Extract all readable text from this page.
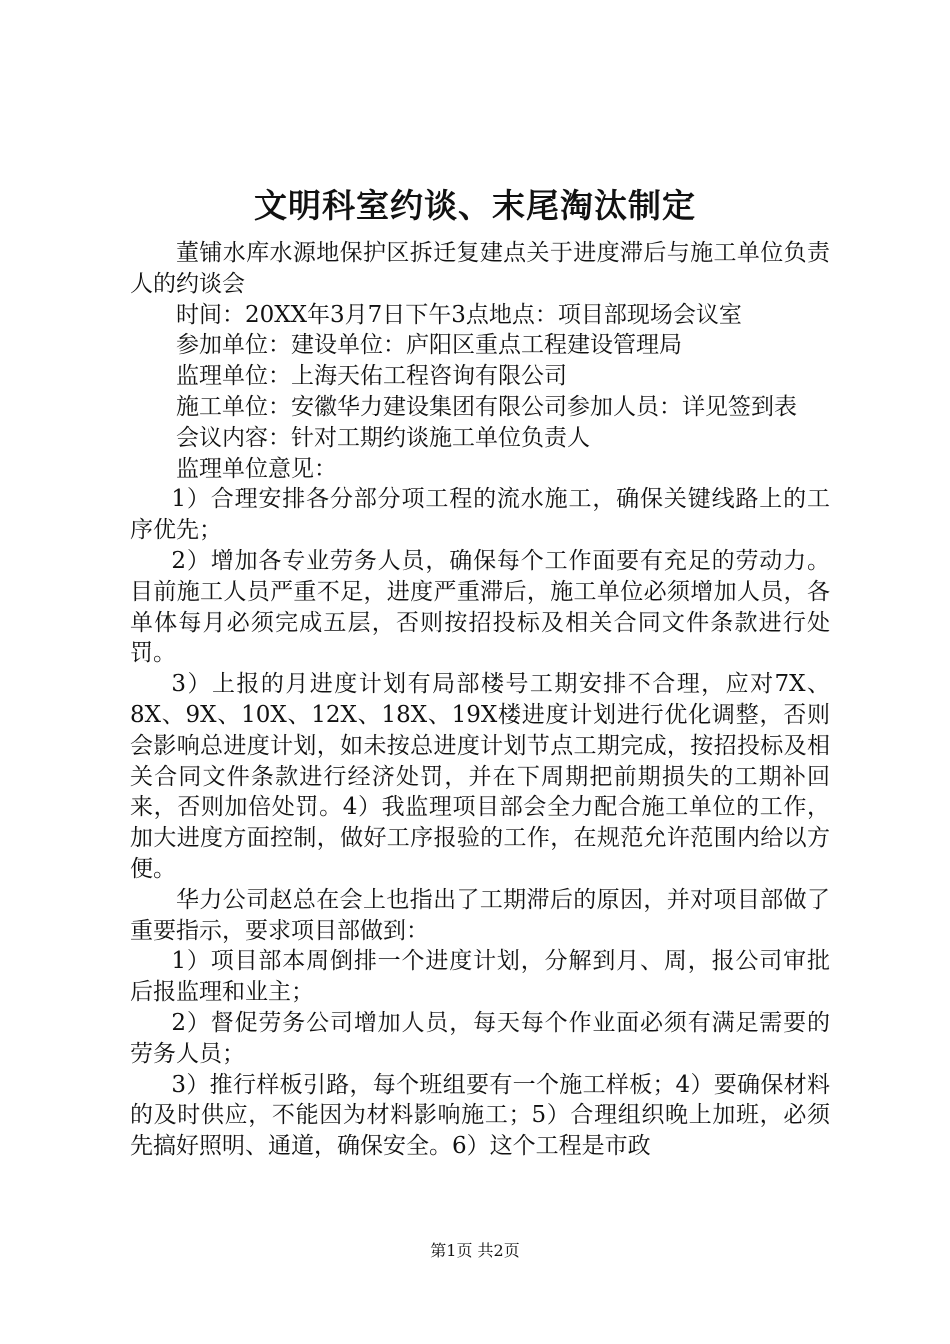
文明科室约谈、末尾淘汰制定

董铺水库水源地保护区拆迁复建点关于进度滞后与施工单位负责人的约谈会

时间：20XX年3月7日下午3点地点：项目部现场会议室

参加单位：建设单位：庐阳区重点工程建设管理局

监理单位：上海天佑工程咨询有限公司

施工单位：安徽华力建设集团有限公司参加人员：详见签到表

会议内容：针对工期约谈施工单位负责人

监理单位意见：

1）合理安排各分部分项工程的流水施工，确保关键线路上的工序优先；

2）增加各专业劳务人员，确保每个工作面要有充足的劳动力。目前施工人员严重不足，进度严重滞后，施工单位必须增加人员，各单体每月必须完成五层，否则按招投标及相关合同文件条款进行处罚。

3）上报的月进度计划有局部楼号工期安排不合理，应对7X、8X、9X、10X、12X、18X、19X楼进度计划进行优化调整，否则会影响总进度计划，如未按总进度计划节点工期完成，按招投标及相关合同文件条款进行经济处罚，并在下周期把前期损失的工期补回来，否则加倍处罚。4）我监理项目部会全力配合施工单位的工作，加大进度方面控制，做好工序报验的工作，在规范允许范围内给以方便。

华力公司赵总在会上也指出了工期滞后的原因，并对项目部做了重要指示，要求项目部做到：

1）项目部本周倒排一个进度计划，分解到月、周，报公司审批后报监理和业主；

2）督促劳务公司增加人员，每天每个作业面必须有满足需要的劳务人员；

3）推行样板引路，每个班组要有一个施工样板；4）要确保材料的及时供应，不能因为材料影响施工；5）合理组织晚上加班，必须先搞好照明、通道，确保安全。6）这个工程是市政

第1页 共2页
